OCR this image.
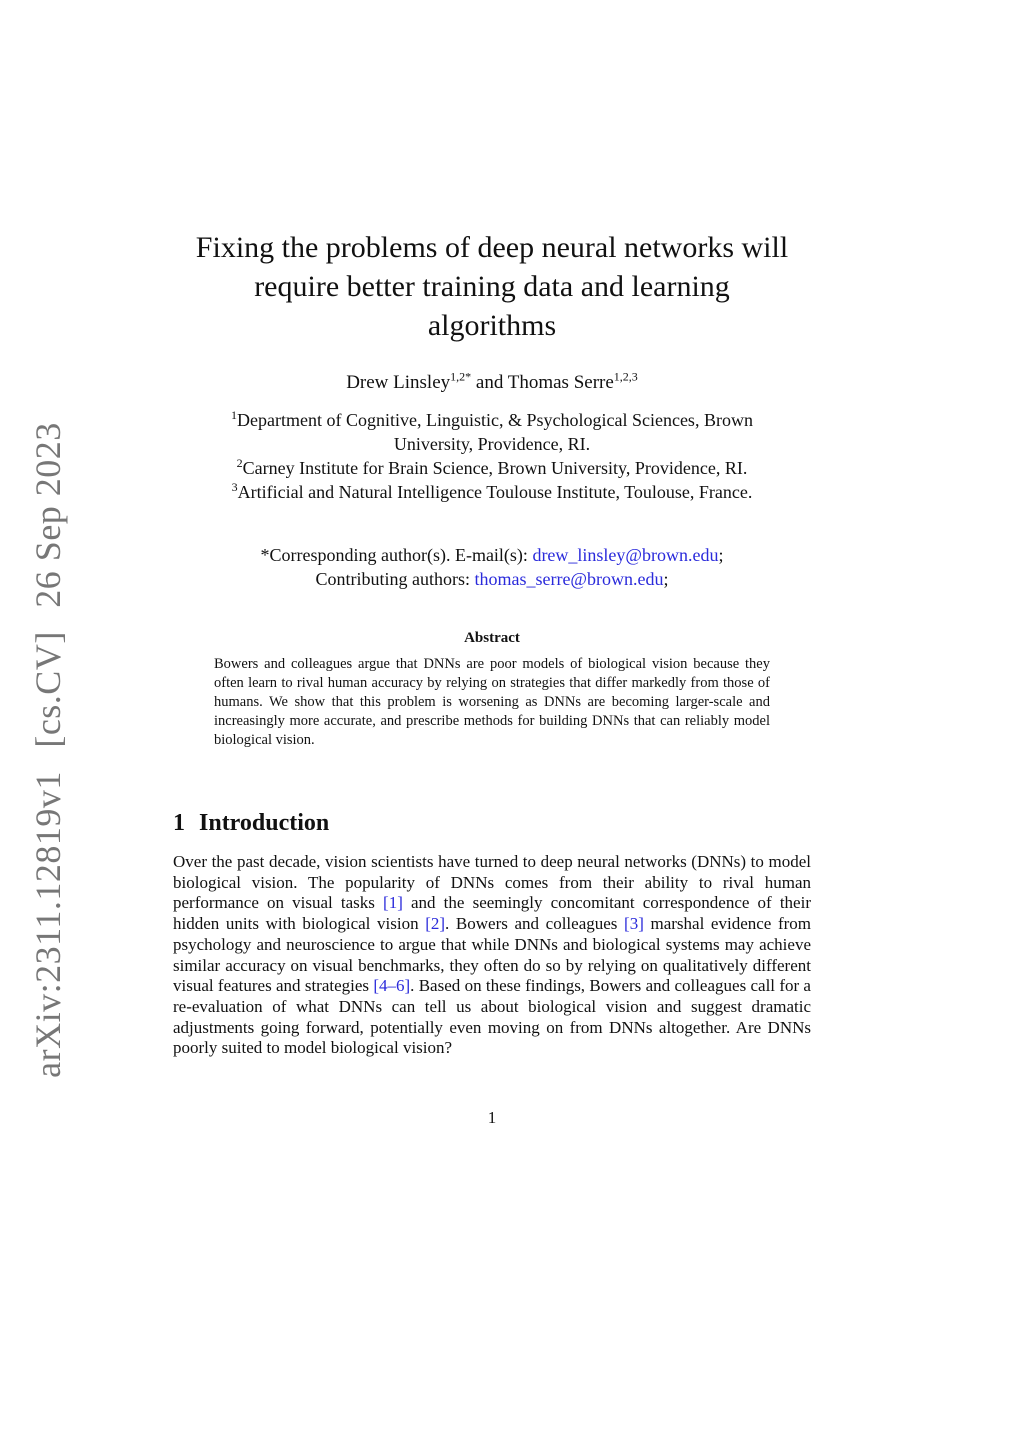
arXiv:2311.12819v1 [cs.CV] 26 Sep 2023
Fixing the problems of deep neural networks will
require better training data and learning
algorithms
Drew Linsley$^{1,2*}$ and Thomas Serre$^{1,2,3}$
$^1$Department of Cognitive, Linguistic, & Psychological Sciences, Brown
University, Providence, RI.
$^2$Carney Institute for Brain Science, Brown University, Providence, RI.
$^3$Artificial and Natural Intelligence Toulouse Institute, Toulouse, France.
*Corresponding author(s). E-mail(s): drew_linsley@brown.edu;
Contributing authors: thomas_serre@brown.edu;
Abstract
Bowers and colleagues argue that DNNs are poor models of biological vision because they often learn to rival human accuracy by relying on strategies that differ markedly from those of humans. We show that this problem is worsening as DNNs are becoming larger-scale and increasingly more accurate, and prescribe methods for building DNNs that can reliably model biological vision.
1 Introduction
Over the past decade, vision scientists have turned to deep neural networks (DNNs) to model biological vision. The popularity of DNNs comes from their ability to rival human performance on visual tasks [1] and the seemingly concomitant correspondence of their hidden units with biological vision [2]. Bowers and colleagues [3] marshal evidence from psychology and neuroscience to argue that while DNNs and biological systems may achieve similar accuracy on visual benchmarks, they often do so by relying on qualitatively different visual features and strategies [4–6]. Based on these findings, Bowers and colleagues call for a re-evaluation of what DNNs can tell us about biological vision and suggest dramatic adjustments going forward, potentially even moving on from DNNs altogether. Are DNNs poorly suited to model biological vision?
1
